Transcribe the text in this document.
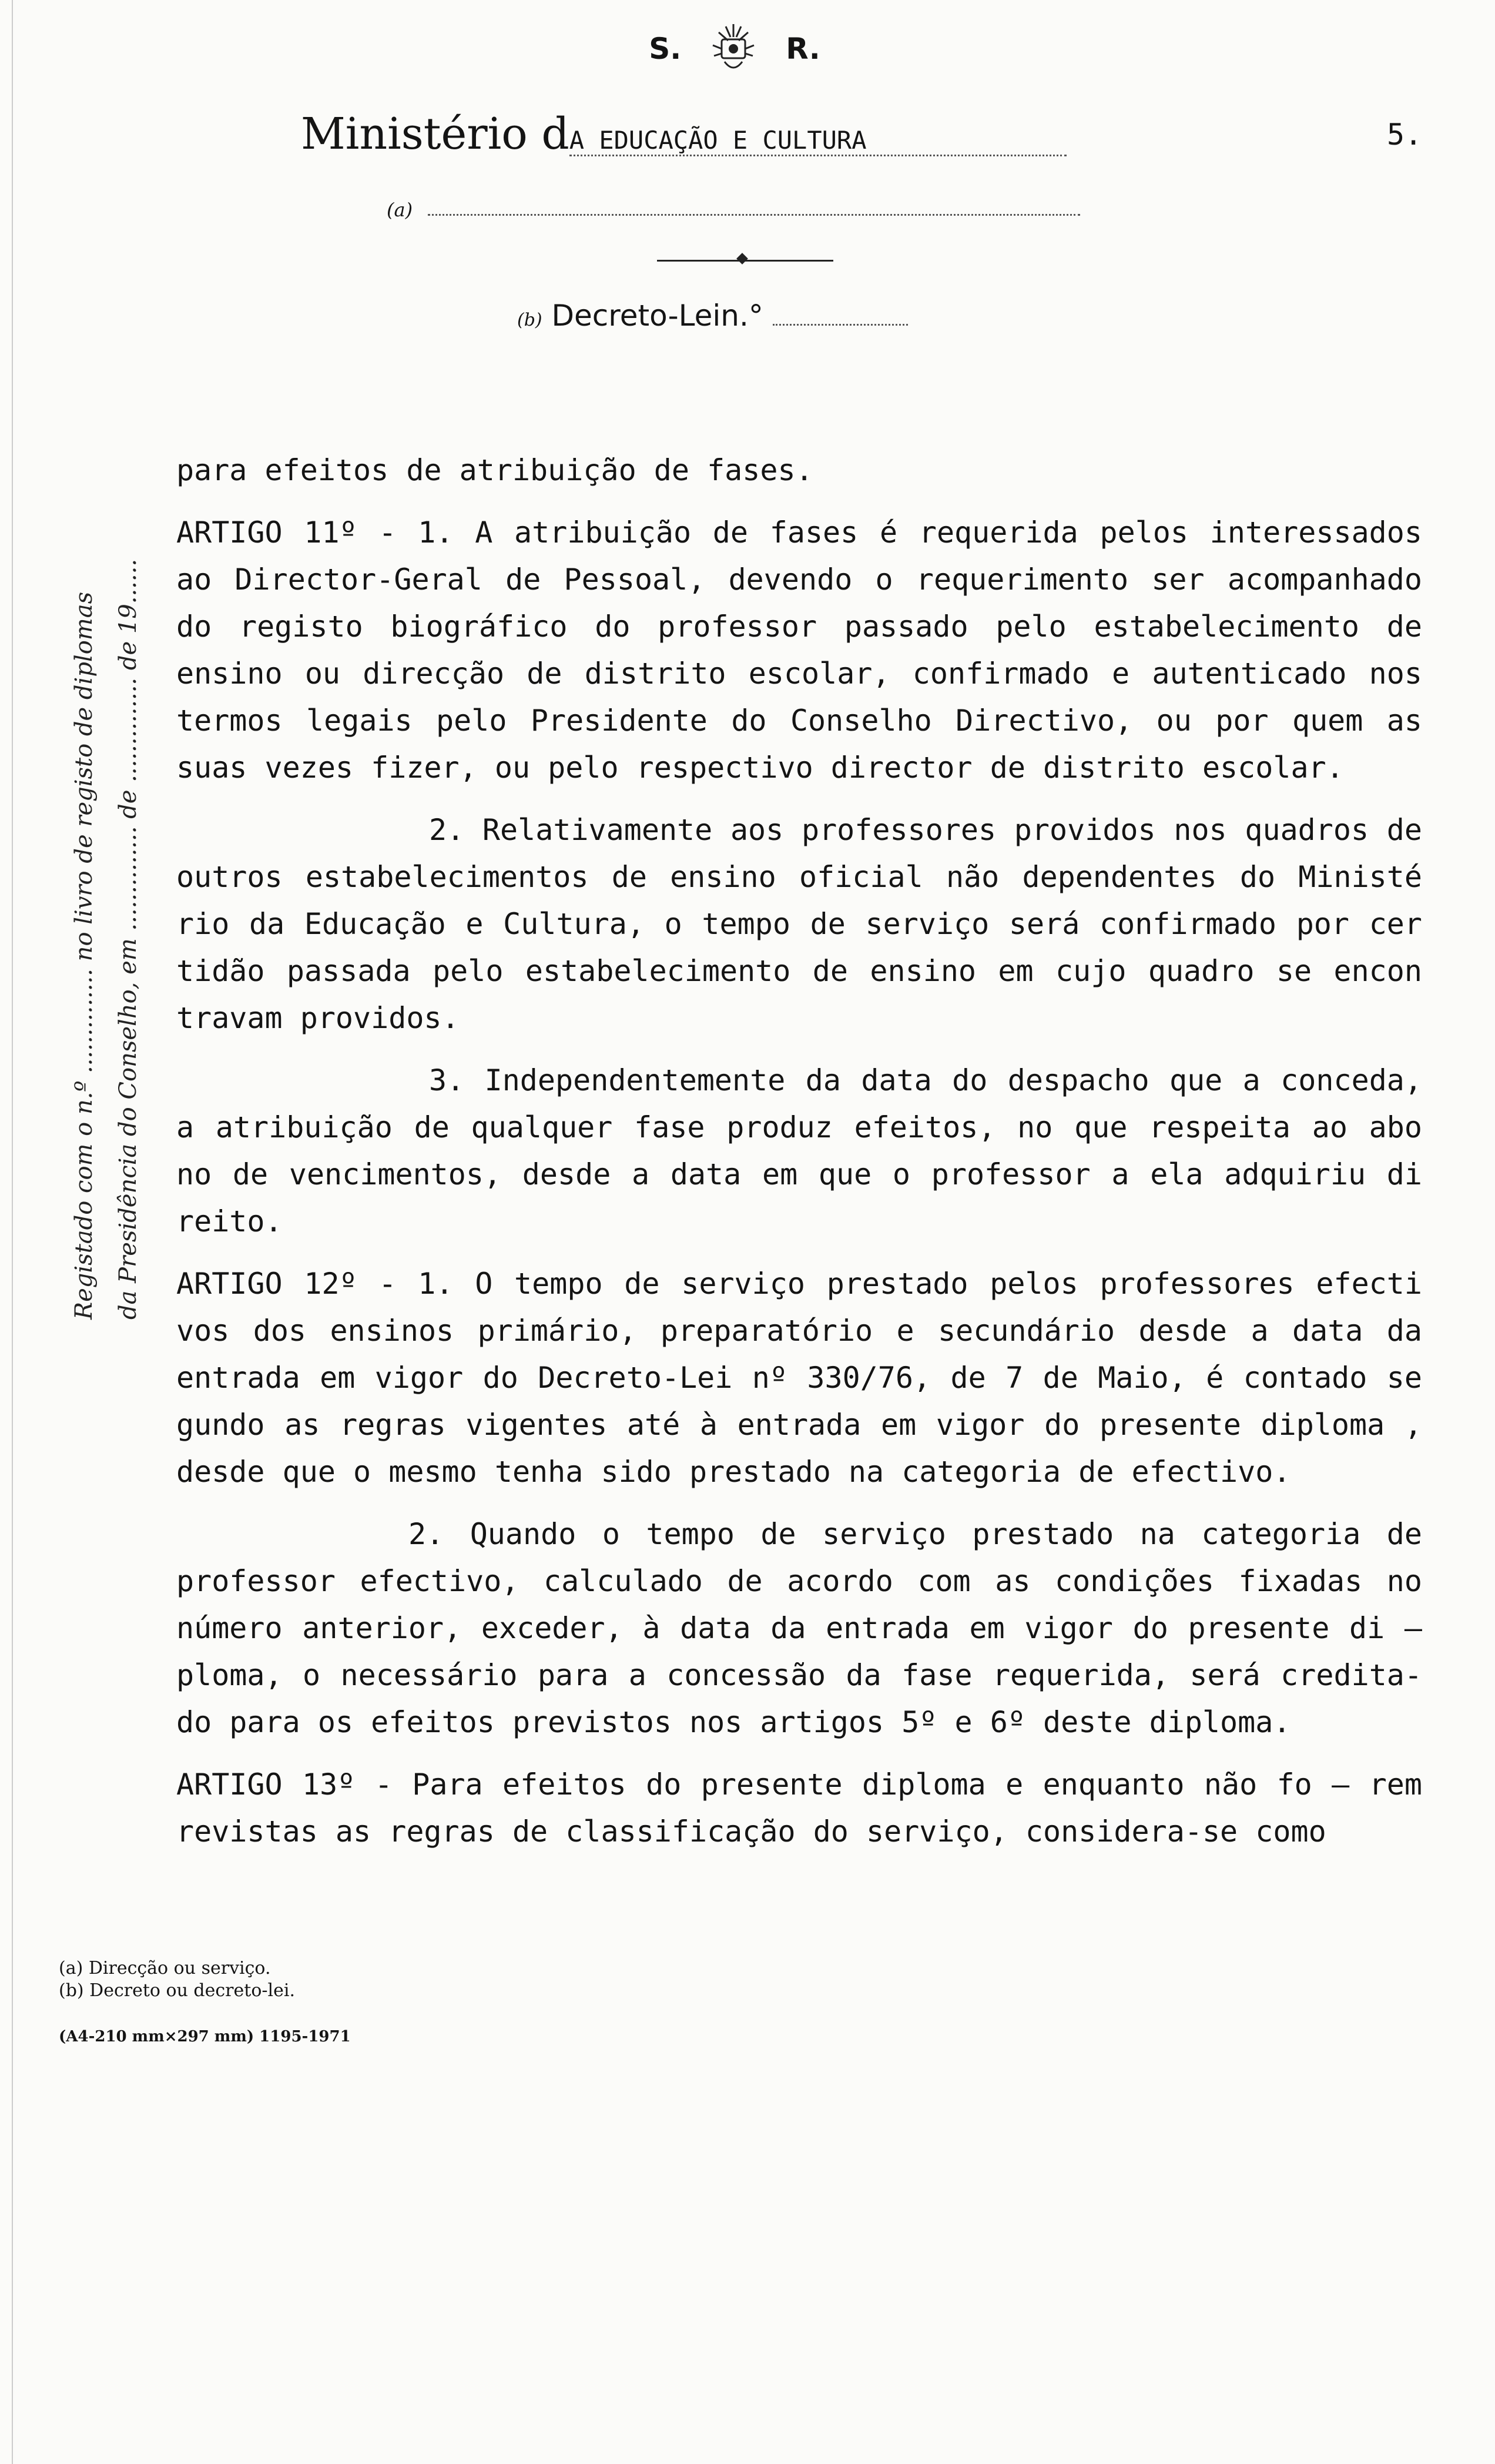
S.	R.
Ministério dA EDUCAÇÃO E CULTURA	5.
(a)
(b) Decreto-Lein.°
Registado com o n.º .............. no livro de registo de diplomas da Presidência do Conselho, em .............. de .............. de 19......

para efeitos de atribuição de fases.

ARTIGO 11º - 1. A atribuição de fases é requerida pelos interessados ao Director-Geral de Pessoal, devendo o requerimento ser acompanhado do registo biográfico do professor passado pelo estabelecimento de ensino ou direcção de distrito escolar, confirmado e autenticado nos termos legais pelo Presidente do Conselho Directivo, ou por quem as suas vezes fizer, ou pelo respectivo director de distrito escolar.

2. Relativamente aos professores providos nos quadros de outros estabelecimentos de ensino oficial não dependentes do Ministé rio da Educação e Cultura, o tempo de serviço será confirmado por cer tidão passada pelo estabelecimento de ensino em cujo quadro se encon travam providos.

3. Independentemente da data do despacho que a conceda, a atribuição de qualquer fase produz efeitos, no que respeita ao abo no de vencimentos, desde a data em que o professor a ela adquiriu di reito.

ARTIGO 12º - 1. O tempo de serviço prestado pelos professores efecti vos dos ensinos primário, preparatório e secundário desde a data da entrada em vigor do Decreto-Lei nº 330/76, de 7 de Maio, é contado se gundo as regras vigentes até à entrada em vigor do presente diploma , desde que o mesmo tenha sido prestado na categoria de efectivo.

2. Quando o tempo de serviço prestado na categoria de professor efectivo, calculado de acordo com as condições fixadas no número anterior, exceder, à data da entrada em vigor do presente di — ploma, o necessário para a concessão da fase requerida, será credita- do para os efeitos previstos nos artigos 5º e 6º deste diploma.

ARTIGO 13º - Para efeitos do presente diploma e enquanto não fo — rem revistas as regras de classificação do serviço, considera-se como

(a) Direcção ou serviço.
(b) Decreto ou decreto-lei.
(A4-210 mm×297 mm) 1195-1971
